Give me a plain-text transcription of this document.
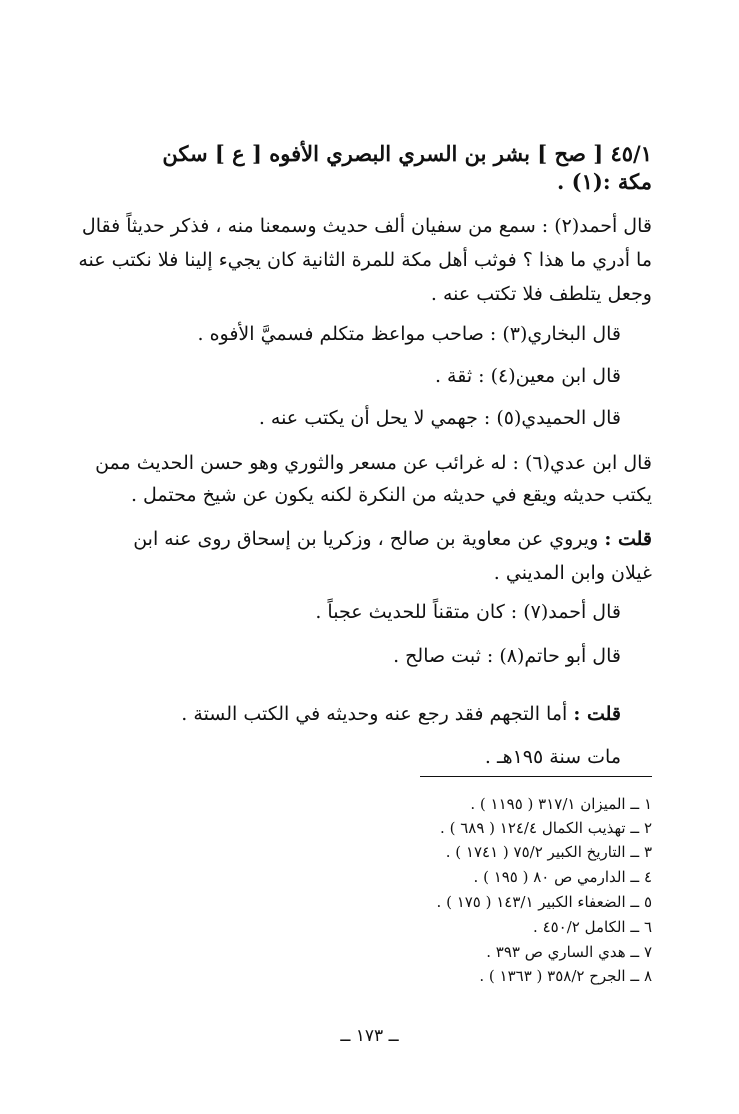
٤٥/١ [ صح ] بشر بن السري البصري الأفوه [ ع ] سكن
مكة :(١) .
قال أحمد(٢) : سمع من سفيان ألف حديث وسمعنا منه ، فذكر حديثاً فقال
ما أدري ما هذا ؟ فوثب أهل مكة للمرة الثانية كان يجيء إلينا فلا نكتب عنه
وجعل يتلطف فلا تكتب عنه .
قال البخاري(٣) : صاحب مواعظ متكلم فسميَّ الأفوه .
قال ابن معين(٤) : ثقة .
قال الحميدي(٥) : جهمي لا يحل أن يكتب عنه .
قال ابن عدي(٦) : له غرائب عن مسعر والثوري وهو حسن الحديث ممن
يكتب حديثه ويقع في حديثه من النكرة لكنه يكون عن شيخ محتمل .
قلت : ويروي عن معاوية بن صالح ، وزكريا بن إسحاق روى عنه ابن
غيلان وابن المديني .
قال أحمد(٧) : كان متقناً للحديث عجباً .
قال أبو حاتم(٨) : ثبت صالح .
قلت : أما التجهم فقد رجع عنه وحديثه في الكتب الستة .
مات سنة ١٩٥هـ .
١ ــ الميزان ٣١٧/١ ( ١١٩٥ ) .
٢ ــ تهذيب الكمال ١٢٤/٤ ( ٦٨٩ ) .
٣ ــ التاريخ الكبير ٧٥/٢ ( ١٧٤١ ) .
٤ ــ الدارمي ص ٨٠ ( ١٩٥ ) .
٥ ــ الضعفاء الكبير ١٤٣/١ ( ١٧٥ ) .
٦ ــ الكامل ٤٥٠/٢ .
٧ ــ هدي الساري ص ٣٩٣ .
٨ ــ الجرح ٣٥٨/٢ ( ١٣٦٣ ) .
ــ ١٧٣ ــ
